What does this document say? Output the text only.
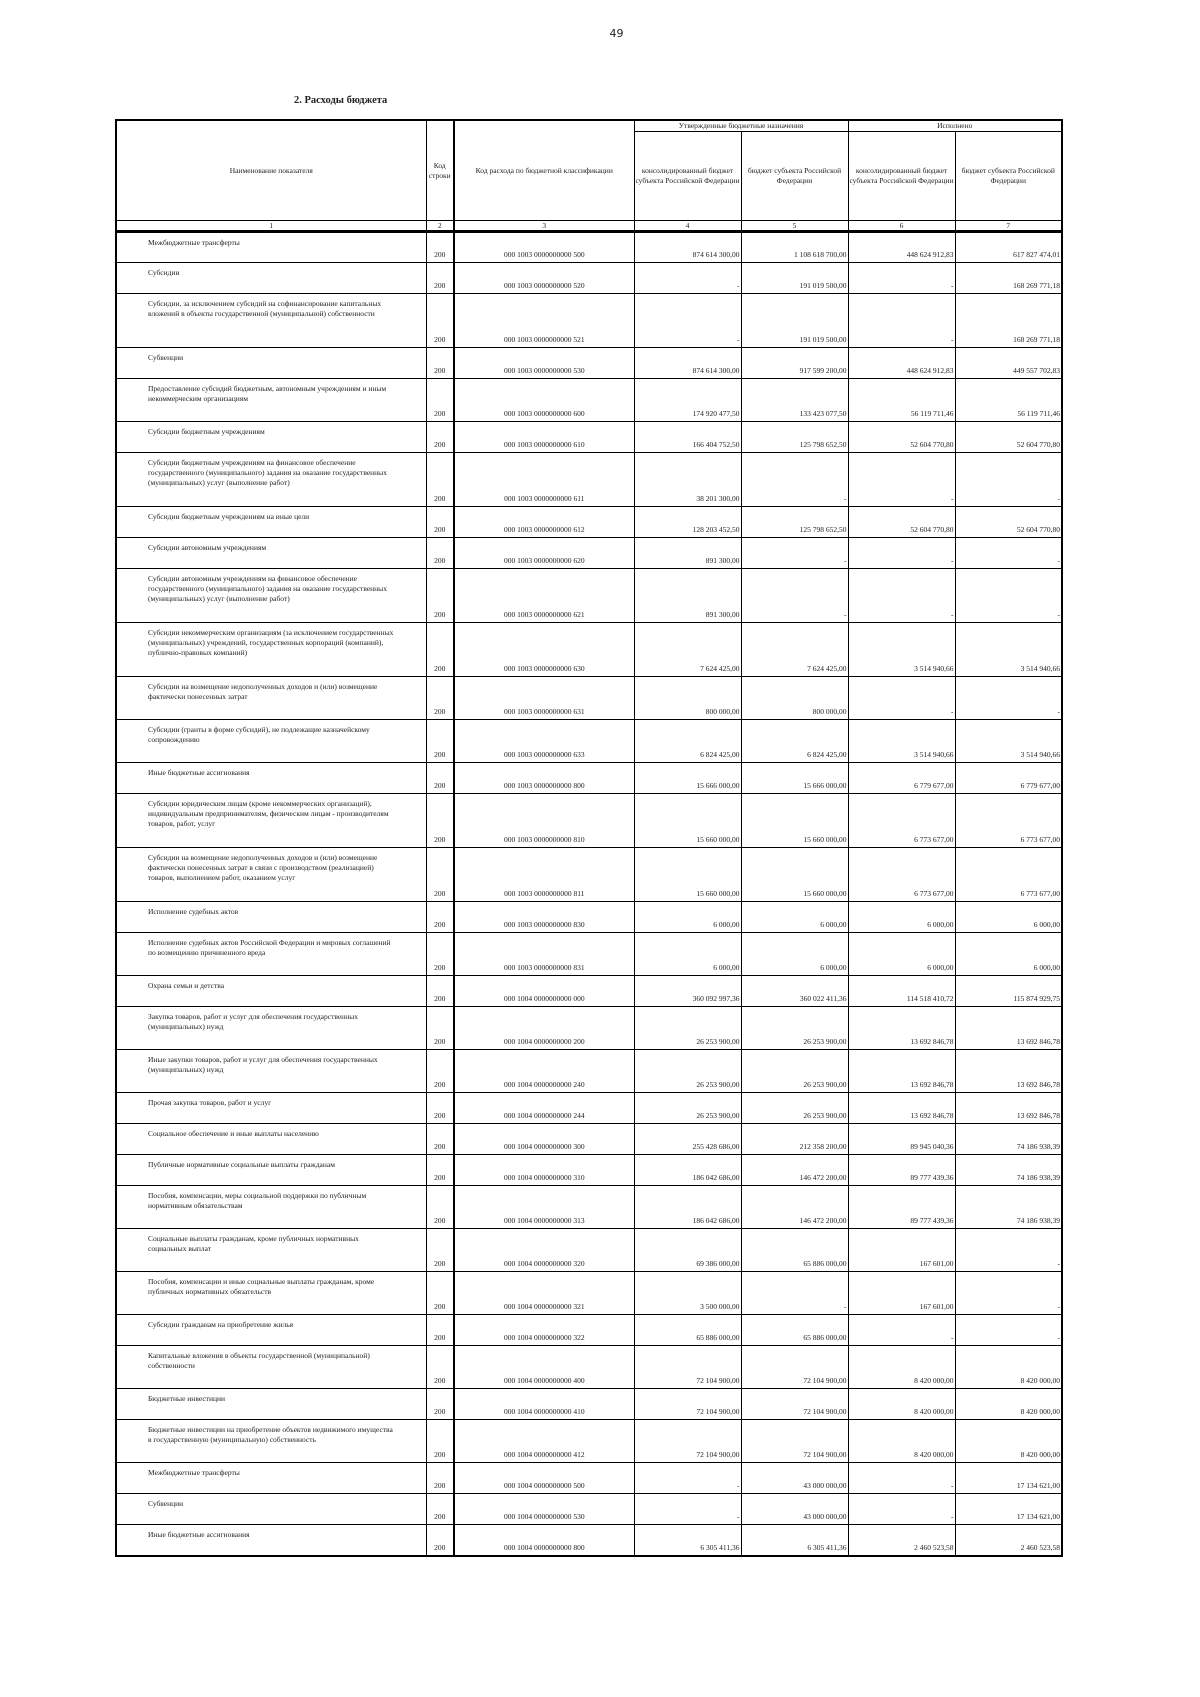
49
2. Расходы бюджета
Наименование показателя	Код строки	Код расхода по бюджетной классификации	Утвержденные бюджетные назначения		Исполнено	
			консолидированный бюджет субъекта Российской Федерации	бюджет субъекта Российской Федерации	консолидированный бюджет субъекта Российской Федерации	бюджет субъекта Российской Федерации
1	2	3	4	5	6	7
Межбюджетные трансферты	200	000 1003 0000000000 500	874 614 300,00	1 108 618 700,00	448 624 912,83	617 827 474,01
Субсидии	200	000 1003 0000000000 520	-	191 019 500,00	-	168 269 771,18
Субсидии, за исключением субсидий на софинансирование капитальных вложений в объекты государственной (муниципальной) собственности	200	000 1003 0000000000 521	-	191 019 500,00	-	168 269 771,18
Субвенции	200	000 1003 0000000000 530	874 614 300,00	917 599 200,00	448 624 912,83	449 557 702,83
Предоставление субсидий бюджетным, автономным учреждениям и иным некоммерческим организациям	200	000 1003 0000000000 600	174 920 477,50	133 423 077,50	56 119 711,46	56 119 711,46
Субсидии бюджетным учреждениям	200	000 1003 0000000000 610	166 404 752,50	125 798 652,50	52 604 770,80	52 604 770,80
Субсидии бюджетным учреждениям на финансовое обеспечение государственного (муниципального) задания на оказание государственных (муниципальных) услуг (выполнение работ)	200	000 1003 0000000000 611	38 201 300,00	-	-	-
Субсидии бюджетным учреждениям на иные цели	200	000 1003 0000000000 612	128 203 452,50	125 798 652,50	52 604 770,80	52 604 770,80
Субсидии автономным учреждениям	200	000 1003 0000000000 620	891 300,00	-	-	-
Субсидии автономным учреждениям на финансовое обеспечение государственного (муниципального) задания на оказание государственных (муниципальных) услуг (выполнение работ)	200	000 1003 0000000000 621	891 300,00	-	-	-
Субсидии некоммерческим организациям (за исключением государственных (муниципальных) учреждений, государственных корпораций (компаний), публично-правовых компаний)	200	000 1003 0000000000 630	7 624 425,00	7 624 425,00	3 514 940,66	3 514 940,66
Субсидии на возмещение недополученных доходов и (или) возмещение фактически понесенных затрат	200	000 1003 0000000000 631	800 000,00	800 000,00	-	-
Субсидии (гранты в форме субсидий), не подлежащие казначейскому сопровождению	200	000 1003 0000000000 633	6 824 425,00	6 824 425,00	3 514 940,66	3 514 940,66
Иные бюджетные ассигнования	200	000 1003 0000000000 800	15 666 000,00	15 666 000,00	6 779 677,00	6 779 677,00
Субсидии юридическим лицам (кроме некоммерческих организаций), индивидуальным предпринимателям, физическим лицам - производителям товаров, работ, услуг	200	000 1003 0000000000 810	15 660 000,00	15 660 000,00	6 773 677,00	6 773 677,00
Субсидии на возмещение недополученных доходов и (или) возмещение фактически понесенных затрат в связи с производством (реализацией) товаров, выполнением работ, оказанием услуг	200	000 1003 0000000000 811	15 660 000,00	15 660 000,00	6 773 677,00	6 773 677,00
Исполнение судебных актов	200	000 1003 0000000000 830	6 000,00	6 000,00	6 000,00	6 000,00
Исполнение судебных актов Российской Федерации и мировых соглашений по возмещению причиненного вреда	200	000 1003 0000000000 831	6 000,00	6 000,00	6 000,00	6 000,00
Охрана семьи и детства	200	000 1004 0000000000 000	360 092 997,36	360 022 411,36	114 518 410,72	115 874 929,75
Закупка товаров, работ и услуг для обеспечения государственных (муниципальных) нужд	200	000 1004 0000000000 200	26 253 900,00	26 253 900,00	13 692 846,78	13 692 846,78
Иные закупки товаров, работ и услуг для обеспечения государственных (муниципальных) нужд	200	000 1004 0000000000 240	26 253 900,00	26 253 900,00	13 692 846,78	13 692 846,78
Прочая закупка товаров, работ и услуг	200	000 1004 0000000000 244	26 253 900,00	26 253 900,00	13 692 846,78	13 692 846,78
Социальное обеспечение и иные выплаты населению	200	000 1004 0000000000 300	255 428 686,00	212 358 200,00	89 945 040,36	74 186 938,39
Публичные нормативные социальные выплаты гражданам	200	000 1004 0000000000 310	186 042 686,00	146 472 200,00	89 777 439,36	74 186 938,39
Пособия, компенсации, меры социальной поддержки по публичным нормативным обязательствам	200	000 1004 0000000000 313	186 042 686,00	146 472 200,00	89 777 439,36	74 186 938,39
Социальные выплаты гражданам, кроме публичных нормативных социальных выплат	200	000 1004 0000000000 320	69 386 000,00	65 886 000,00	167 601,00	-
Пособия, компенсации и иные социальные выплаты гражданам, кроме публичных нормативных обязательств	200	000 1004 0000000000 321	3 500 000,00	-	167 601,00	-
Субсидии гражданам на приобретение жилья	200	000 1004 0000000000 322	65 886 000,00	65 886 000,00	-	-
Капитальные вложения в объекты государственной (муниципальной) собственности	200	000 1004 0000000000 400	72 104 900,00	72 104 900,00	8 420 000,00	8 420 000,00
Бюджетные инвестиции	200	000 1004 0000000000 410	72 104 900,00	72 104 900,00	8 420 000,00	8 420 000,00
Бюджетные инвестиции на приобретение объектов недвижимого имущества в государственную (муниципальную) собственность	200	000 1004 0000000000 412	72 104 900,00	72 104 900,00	8 420 000,00	8 420 000,00
Межбюджетные трансферты	200	000 1004 0000000000 500	-	43 000 000,00	-	17 134 621,00
Субвенции	200	000 1004 0000000000 530	-	43 000 000,00	-	17 134 621,00
Иные бюджетные ассигнования	200	000 1004 0000000000 800	6 305 411,36	6 305 411,36	2 460 523,58	2 460 523,58
